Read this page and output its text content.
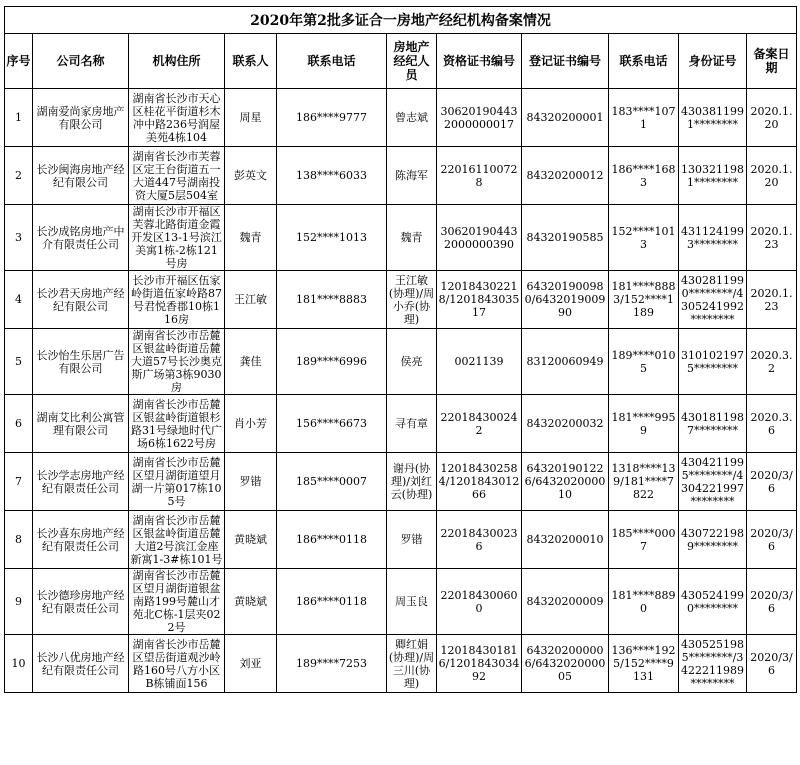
2020年第2批多证合一房地产经纪机构备案情况										
序号	公司名称	机构住所	联系人	联系电话	房地产经纪人员	资格证书编号	登记证书编号	联系电话	身份证号	备案日期
1	湖南爱尚家房地产有限公司	湖南省长沙市天心区桂花平街道杉木冲中路236号润屋美苑4栋104	周星	186****9777	曾志斌	306201904432000000017	84320200001	183****1071	4303811991********	2020.1.20
2	长沙闽海房地产经纪有限公司	湖南省长沙市芙蓉区定王台街道五一大道447号湖南投资大厦5层504室	彭英文	138****6033	陈海军	220161100728	84320200012	186****1683	1303211981********	2020.1.20
3	长沙成铭房地产中介有限责任公司	湖南长沙市开福区芙蓉北路街道金霞开发区13-1号滨江美寓1栋-2栋121号房	魏青	152****1013	魏青	306201904432000000390	84320190585	152****1013	4311241993********	2020.1.23
4	长沙君天房地产经纪有限公司	长沙市开福区伍家岭街道伍家岭路87号君悦香郡10栋116房	王江敏	181****8883	王江敏(协理)/周小乔(协理)	120184302218/120184303517	643201900980/643201900990	181****8883/152****1189	4302811990********/4305241992********	2020.1.23
5	长沙怡生乐居广告有限公司	湖南省长沙市岳麓区银盆岭街道岳麓大道57号长沙奥克斯广场第3栋9030房	龚佳	189****6996	侯亮	0021139	83120060949	189****0105	3101021975********	2020.3.2
6	湖南艾比利公寓管理有限公司	湖南省长沙市岳麓区银盆岭街道银杉路31号绿地时代广场6栋1622号房	肖小芳	156****6673	寻有章	220184300242	84320200032	181****9959	4301811987********	2020.3.6
7	长沙学志房地产经纪有限责任公司	湖南省长沙市岳麓区望月湖街道望月湖一片第017栋105号	罗锴	185****0007	谢丹(协理)/刘红云(协理)	120184302584/120184301266	643201901226/643202000010	1318****139/181****7822	4304211995********/4304221997********	2020/3/6
8	长沙喜东房地产经纪有限责任公司	湖南省长沙市岳麓区银盆岭街道岳麓大道2号滨江金座新寓1-3#栋101号	黄晓斌	186****0118	罗锴	220184300236	84320200010	185****0007	4307221989********	2020/3/6
9	长沙德珍房地产经纪有限责任公司	湖南省长沙市岳麓区望月湖街道银盆南路199号麓山才苑北C栋-1层夹022号	黄晓斌	186****0118	周玉良	220184300600	84320200009	181****8890	4305241990********	2020/3/6
10	长沙八优房地产经纪有限责任公司	湖南省长沙市岳麓区望岳街道观沙岭路160号八方小区B栋铺面156	刘亚	189****7253	卿红娟(协理)/周三川(协理)	120184301816/120184303492	643202000006/643202000005	136****1925/152****9131	4305251985********/3422211989********	2020/3/6
